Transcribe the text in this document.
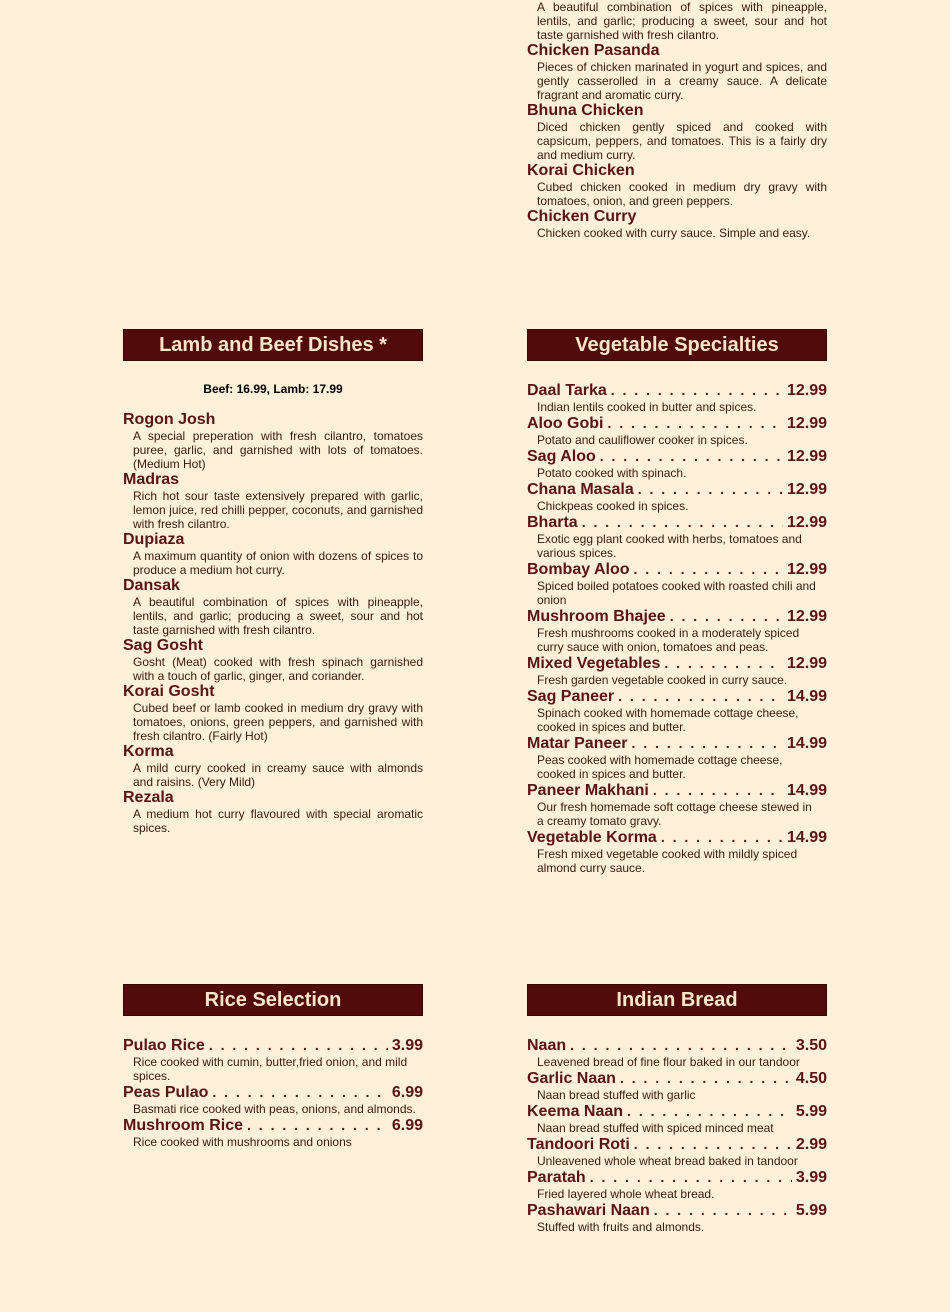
A beautiful combination of spices with pineapple, lentils, and garlic; producing a sweet, sour and hot taste garnished with fresh cilantro.
Chicken Pasanda
Pieces of chicken marinated in yogurt and spices, and gently casserolled in a creamy sauce. A delicate fragrant and aromatic curry.
Bhuna Chicken
Diced chicken gently spiced and cooked with capsicum, peppers, and tomatoes. This is a fairly dry and medium curry.
Korai Chicken
Cubed chicken cooked in medium dry gravy with tomatoes, onion, and green peppers.
Chicken Curry
Chicken cooked with curry sauce. Simple and easy.
Lamb and Beef Dishes *
Beef: 16.99, Lamb: 17.99
Rogon Josh
A special preperation with fresh cilantro, tomatoes puree, garlic, and garnished with lots of tomatoes. (Medium Hot)
Madras
Rich hot sour taste extensively prepared with garlic, lemon juice, red chilli pepper, coconuts, and garnished with fresh cilantro.
Dupiaza
A maximum quantity of onion with dozens of spices to produce a medium hot curry.
Dansak
A beautiful combination of spices with pineapple, lentils, and garlic; producing a sweet, sour and hot taste garnished with fresh cilantro.
Sag Gosht
Gosht (Meat) cooked with fresh spinach garnished with a touch of garlic, ginger, and coriander.
Korai Gosht
Cubed beef or lamb cooked in medium dry gravy with tomatoes, onions, green peppers, and garnished with fresh cilantro. (Fairly Hot)
Korma
A mild curry cooked in creamy sauce with almonds and raisins. (Very Mild)
Rezala
A medium hot curry flavoured with special aromatic spices.
Vegetable Specialties
Daal Tarka . . .	12.99
Indian lentils cooked in butter and spices.
Aloo Gobi . . .	12.99
Potato and cauliflower cooker in spices.
Sag Aloo . . .	12.99
Potato cooked with spinach.
Chana Masala . . .	12.99
Chickpeas cooked in spices.
Bharta . . .	12.99
Exotic egg plant cooked with herbs, tomatoes and various spices.
Bombay Aloo . . .	12.99
Spiced boiled potatoes cooked with roasted chili and onion
Mushroom Bhajee . . .	12.99
Fresh mushrooms cooked in a moderately spiced curry sauce with onion, tomatoes and peas.
Mixed Vegetables . . .	12.99
Fresh garden vegetable cooked in curry sauce.
Sag Paneer . . .	14.99
Spinach cooked with homemade cottage cheese, cooked in spices and butter.
Matar Paneer . . .	14.99
Peas cooked with homemade cottage cheese, cooked in spices and butter.
Paneer Makhani . . .	14.99
Our fresh homemade soft cottage cheese stewed in a creamy tomato gravy.
Vegetable Korma . . .	14.99
Fresh mixed vegetable cooked with mildly spiced almond curry sauce.
Rice Selection
Pulao Rice . . .	3.99
Rice cooked with cumin, butter,fried onion, and mild spices.
Peas Pulao . . .	6.99
Basmati rice cooked with peas, onions, and almonds.
Mushroom Rice . . .	6.99
Rice cooked with mushrooms and onions
Indian Bread
Naan . . .	3.50
Leavened bread of fine flour baked in our tandoor
Garlic Naan . . .	4.50
Naan bread stuffed with garlic
Keema Naan . . .	5.99
Naan bread stuffed with spiced minced meat
Tandoori Roti . . .	2.99
Unleavened whole wheat bread baked in tandoor
Paratah . . .	3.99
Fried layered whole wheat bread.
Pashawari Naan . . .	5.99
Stuffed with fruits and almonds.
